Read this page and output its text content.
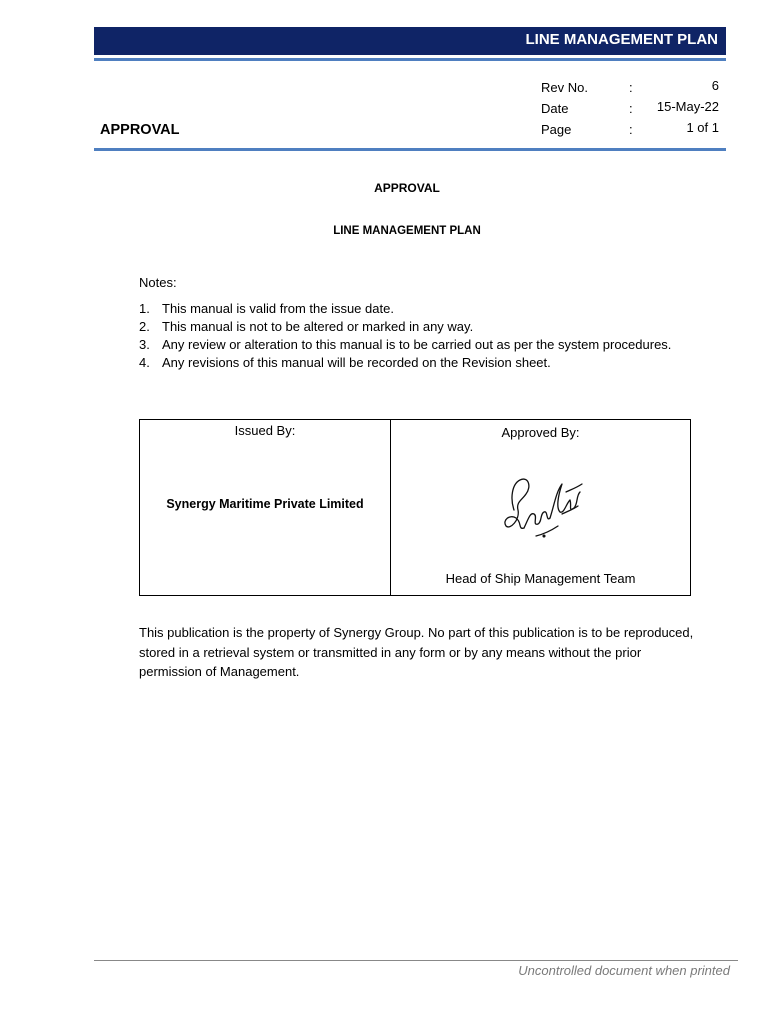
LINE MANAGEMENT PLAN
APPROVAL
Rev No.	:	6
Date	: 15-May-22
Page	:	1 of 1
APPROVAL
LINE MANAGEMENT PLAN
Notes:
1. This manual is valid from the issue date.
2. This manual is not to be altered or marked in any way.
3. Any review or alteration to this manual is to be carried out as per the system procedures.
4. Any revisions of this manual will be recorded on the Revision sheet.
Issued By:
Synergy Maritime Private Limited
Approved By:
Head of Ship Management Team

This publication is the property of Synergy Group. No part of this publication is to be reproduced, stored in a retrieval system or transmitted in any form or by any means without the prior permission of Management.

Uncontrolled document when printed
